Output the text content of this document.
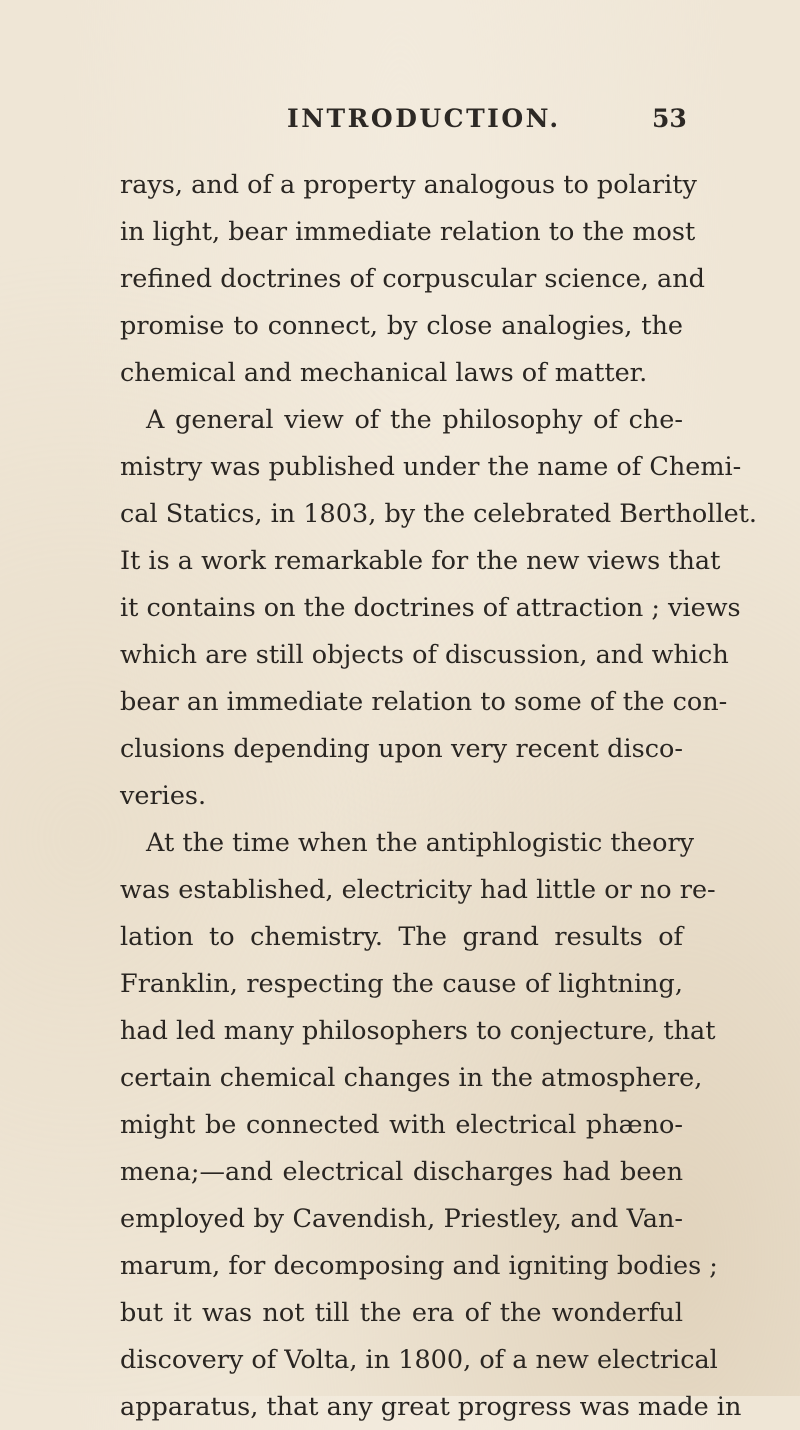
INTRODUCTION.	53
rays, and of a property analogous to polarity
in light, bear immediate relation to the most
refined doctrines of corpuscular science, and
promise to connect, by close analogies, the
chemical and mechanical laws of matter.
A general view of the philosophy of che-
mistry was published under the name of Chemi-
cal Statics, in 1803, by the celebrated Berthollet.
It is a work remarkable for the new views that
it contains on the doctrines of attraction ; views
which are still objects of discussion, and which
bear an immediate relation to some of the con-
clusions depending upon very recent disco-
veries.
At the time when the antiphlogistic theory
was established, electricity had little or no re-
lation to chemistry. The grand results of
Franklin, respecting the cause of lightning,
had led many philosophers to conjecture, that
certain chemical changes in the atmosphere,
might be connected with electrical phæno-
mena;—and electrical discharges had been
employed by Cavendish, Priestley, and Van-
marum, for decomposing and igniting bodies ;
but it was not till the era of the wonderful
discovery of Volta, in 1800, of a new electrical
apparatus, that any great progress was made in
